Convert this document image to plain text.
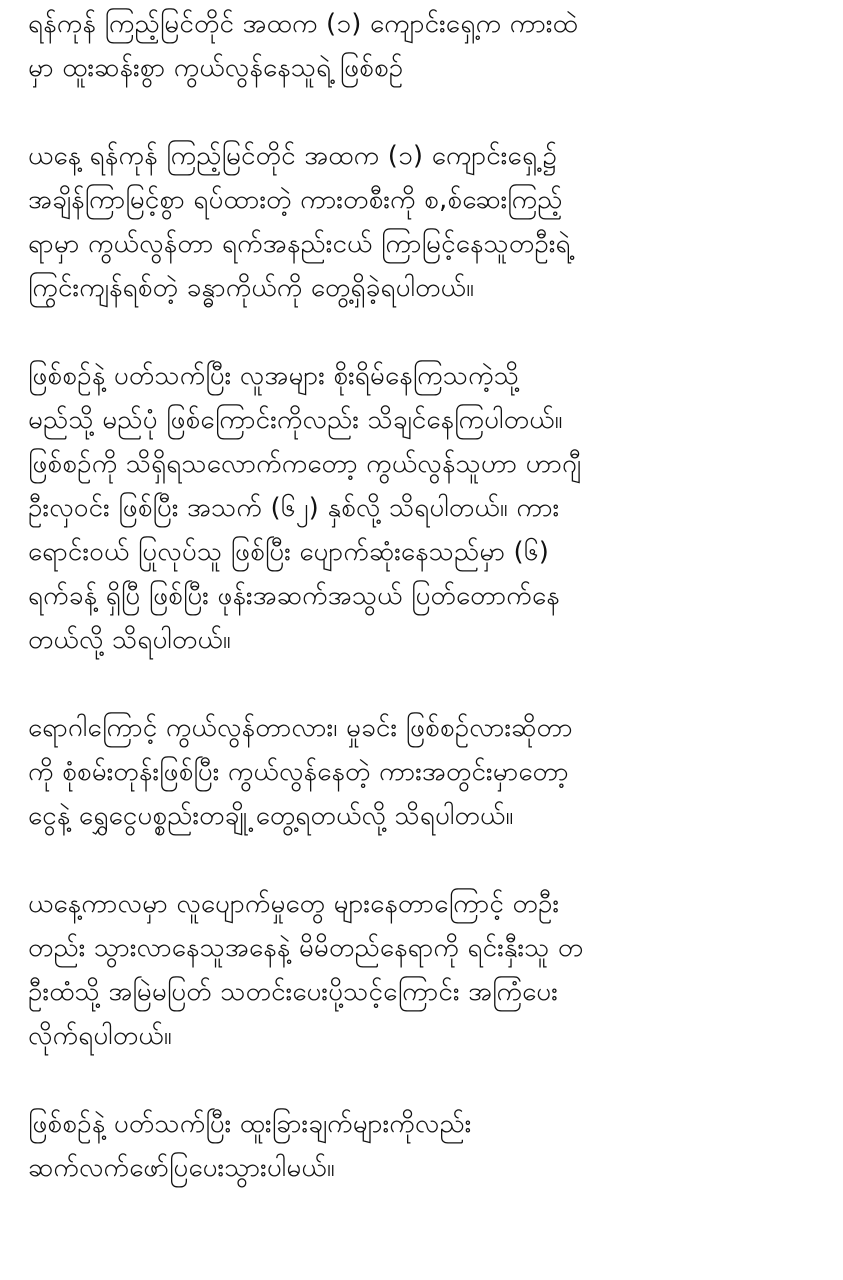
ရန်ကုန် ကြည့်မြင်တိုင် အထက (၁) ကျောင်းရှေ့က ကားထဲ
မှာ ထူးဆန်းစွာ ကွယ်လွန်နေသူရဲ့ ဖြစ်စဉ်

ယနေ့ ရန်ကုန် ကြည့်မြင်တိုင် အထက (၁) ကျောင်းရှေ့၌
အချိန်ကြာမြင့်စွာ ရပ်ထားတဲ့ ကားတစီးကို စ,စ်ဆေးကြည့်
ရာမှာ ကွယ်လွန်တာ ရက်အနည်းငယ် ကြာမြင့်နေသူတဦးရဲ့
ကြွင်းကျန်ရစ်တဲ့ ခန္ဓာကိုယ်ကို တွေ့ရှိခဲ့ရပါတယ်။

ဖြစ်စဉ်နဲ့ ပတ်သက်ပြီး လူအများ စိုးရိမ်နေကြသကဲ့သို့
မည်သို့ မည်ပုံ ဖြစ်ကြောင်းကိုလည်း သိချင်နေကြပါတယ်။
ဖြစ်စဉ်ကို သိရှိရသလောက်ကတော့ ကွယ်လွန်သူဟာ ဟာဂျီ
ဦးလှဝင်း ဖြစ်ပြီး အသက် (၆၂) နှစ်လို့ သိရပါတယ်။ ကား
ရောင်းဝယ် ပြုလုပ်သူ ဖြစ်ပြီး ပျောက်ဆုံးနေသည်မှာ (၆)
ရက်ခန့် ရှိပြီ ဖြစ်ပြီး ဖုန်းအဆက်အသွယ် ပြတ်တောက်နေ
တယ်လို့ သိရပါတယ်။

ရောဂါကြောင့် ကွယ်လွန်တာလား၊ မှုခင်း ဖြစ်စဉ်လားဆိုတာ
ကို စုံစမ်းတုန်းဖြစ်ပြီး ကွယ်လွန်နေတဲ့ ကားအတွင်းမှာတော့
ငွေနဲ့ ရွှေငွေပစ္စည်းတချို့ တွေ့ရတယ်လို့ သိရပါတယ်။

ယနေ့ကာလမှာ လူပျောက်မှုတွေ များနေတာကြောင့် တဦး
တည်း သွားလာနေသူအနေနဲ့ မိမိတည်နေရာကို ရင်းနှီးသူ တ
ဦးထံသို့ အမြဲမပြတ် သတင်းပေးပို့သင့်ကြောင်း အကြံပေး
လိုက်ရပါတယ်။

ဖြစ်စဉ်နဲ့ ပတ်သက်ပြီး ထူးခြားချက်များကိုလည်း
ဆက်လက်ဖော်ပြပေးသွားပါမယ်။
